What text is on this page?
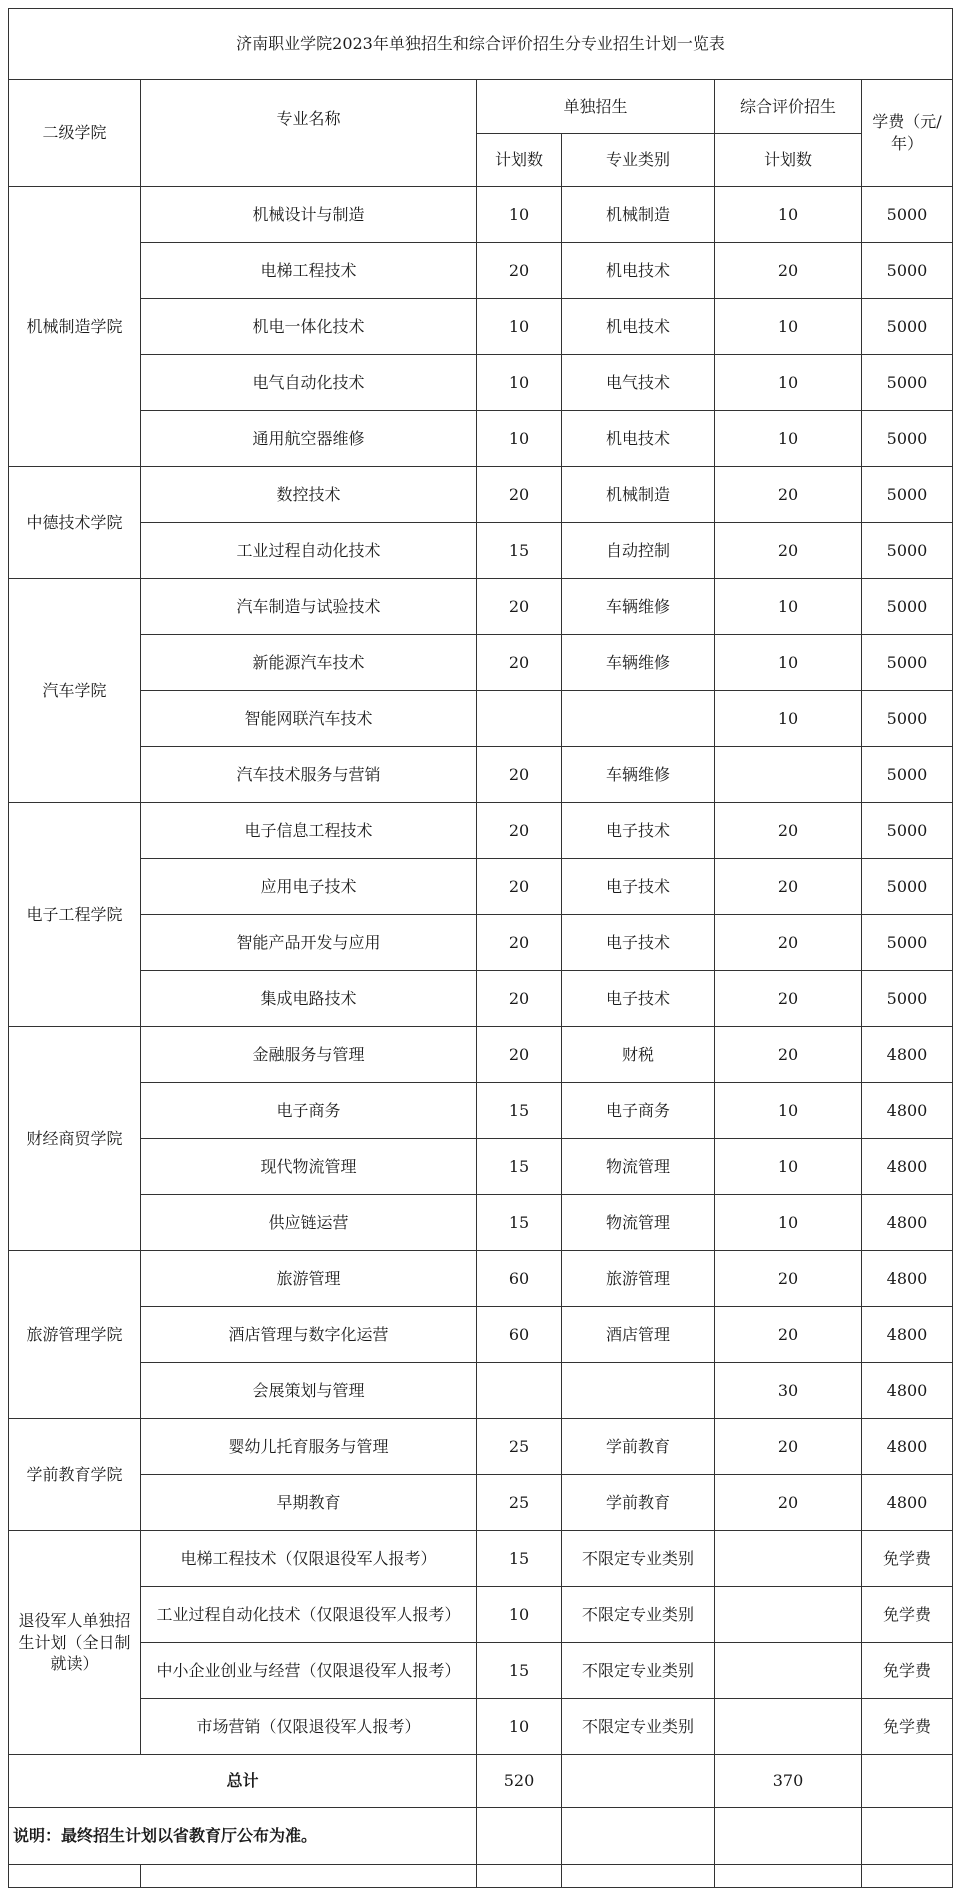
济南职业学院2023年单独招生和综合评价招生分专业招生计划一览表					
二级学院	专业名称	单独招生		综合评价招生	学费（元/年）
		计划数	专业类别	计划数	
机械制造学院	机械设计与制造	10	机械制造	10	5000
	电梯工程技术	20	机电技术	20	5000
	机电一体化技术	10	机电技术	10	5000
	电气自动化技术	10	电气技术	10	5000
	通用航空器维修	10	机电技术	10	5000
中德技术学院	数控技术	20	机械制造	20	5000
	工业过程自动化技术	15	自动控制	20	5000
汽车学院	汽车制造与试验技术	20	车辆维修	10	5000
	新能源汽车技术	20	车辆维修	10	5000
	智能网联汽车技术			10	5000
	汽车技术服务与营销	20	车辆维修		5000
电子工程学院	电子信息工程技术	20	电子技术	20	5000
	应用电子技术	20	电子技术	20	5000
	智能产品开发与应用	20	电子技术	20	5000
	集成电路技术	20	电子技术	20	5000
财经商贸学院	金融服务与管理	20	财税	20	4800
	电子商务	15	电子商务	10	4800
	现代物流管理	15	物流管理	10	4800
	供应链运营	15	物流管理	10	4800
旅游管理学院	旅游管理	60	旅游管理	20	4800
	酒店管理与数字化运营	60	酒店管理	20	4800
	会展策划与管理			30	4800
学前教育学院	婴幼儿托育服务与管理	25	学前教育	20	4800
	早期教育	25	学前教育	20	4800
退役军人单独招生计划（全日制就读）	电梯工程技术（仅限退役军人报考）	15	不限定专业类别		免学费
	工业过程自动化技术（仅限退役军人报考）	10	不限定专业类别		免学费
	中小企业创业与经营（仅限退役军人报考）	15	不限定专业类别		免学费
	市场营销（仅限退役军人报考）	10	不限定专业类别		免学费
总计		520		370	
说明：最终招生计划以省教育厅公布为准。					
